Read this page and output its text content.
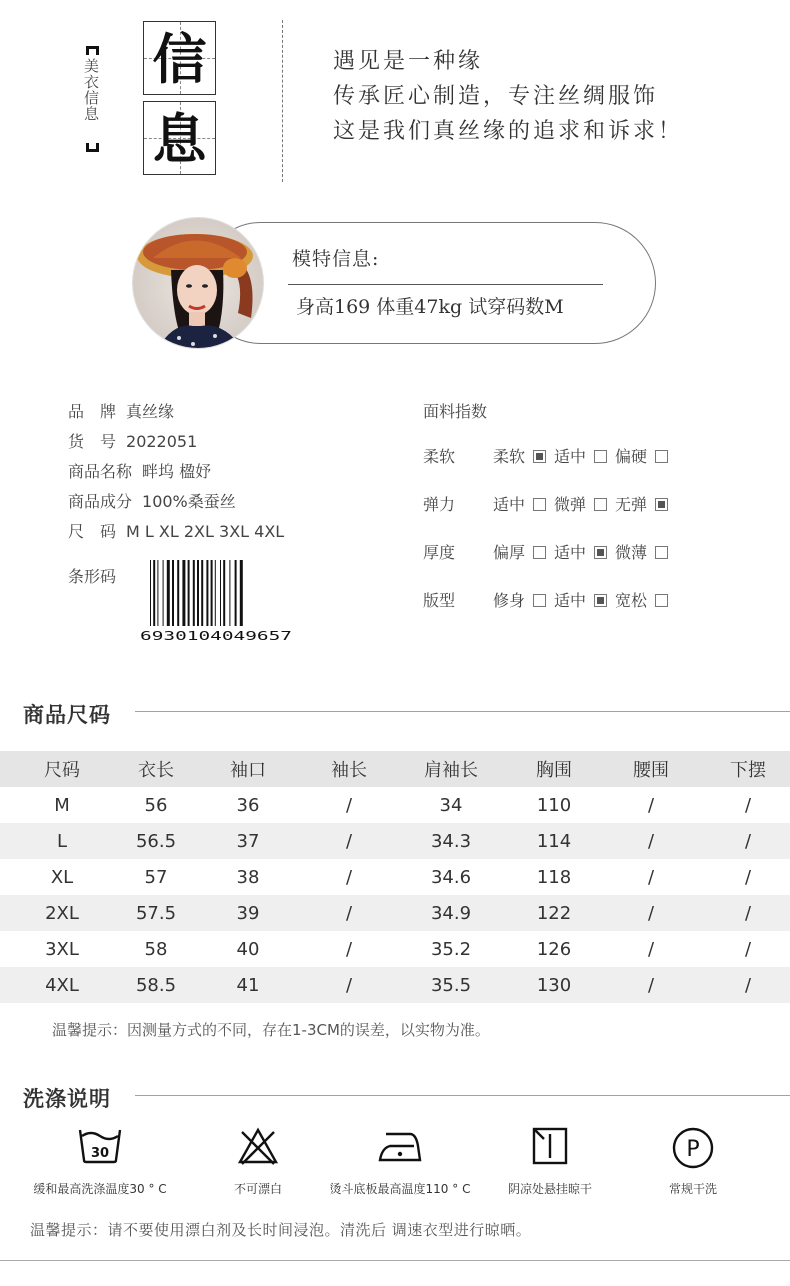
美衣信息 信
息
遇见是一种缘
传承匠心制造，专注丝绸服饰
这是我们真丝缘的追求和诉求！
模特信息:
身高169 体重47kg 试穿码数M
品　牌 真丝缘
货　号 2022051
商品名称 畔坞 楹妤
商品成分 100%桑蚕丝
尺　码 M L XL 2XL 3XL 4XL
条形码
6930104049657
面料指数
柔软 柔软 适中 偏硬
弹力 适中 微弹 无弹
厚度 偏厚 适中 微薄
版型 修身 适中 宽松
商品尺码
尺码	衣长	袖口	袖长	肩袖长	胸围	腰围	下摆
M	56	36	/	34	110	/	/
L	56.5	37	/	34.3	114	/	/
XL	57	38	/	34.6	118	/	/
2XL	57.5	39	/	34.9	122	/	/
3XL	58	40	/	35.2	126	/	/
4XL	58.5	41	/	35.5	130	/	/
温馨提示：因测量方式的不同，存在1-3CM的误差，以实物为准。
洗涤说明
30
缓和最高洗涤温度30 ° C	不可漂白	烫斗底板最高温度110 ° C	阴凉处悬挂晾干
P
常规干洗
温馨提示：请不要使用漂白剂及长时间浸泡。清洗后 调速衣型进行晾晒。
